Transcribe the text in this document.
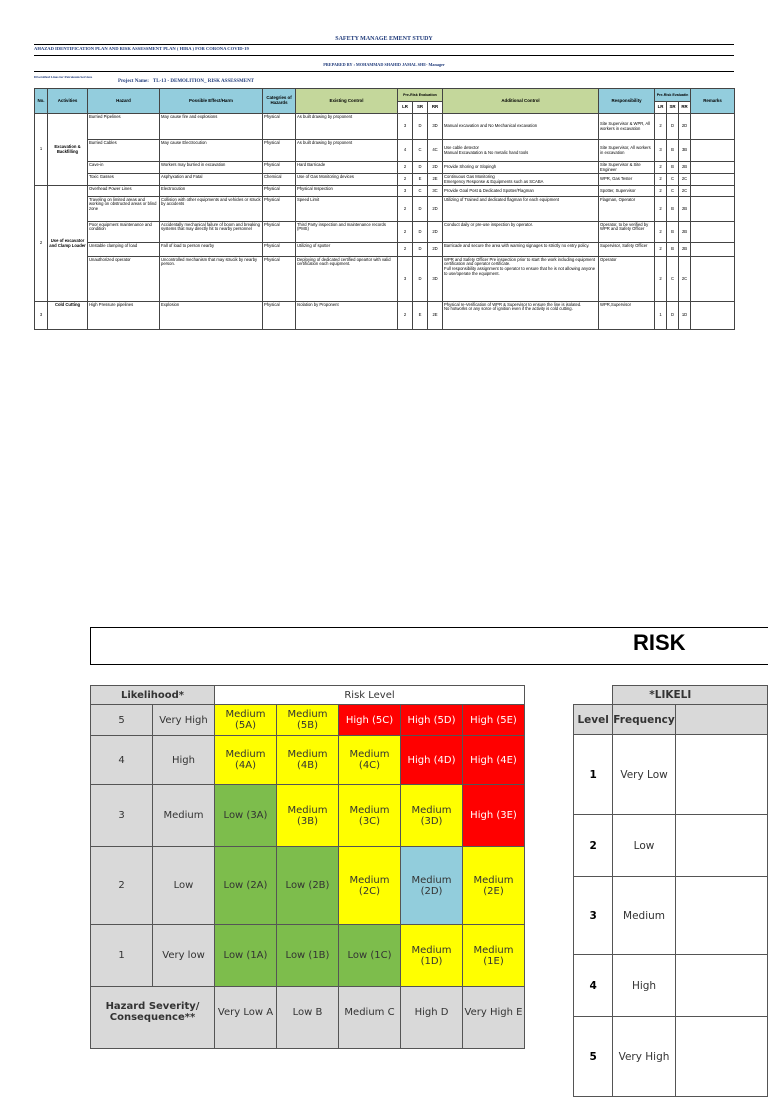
SAFETY MANAGE EMENT STUDY
AHAZAD IDENTIFICATION PLAN AND RISK ASSESSMENT PLAN ( HIRA ) FOR CORONA COVID-19
PREPARED BY : MOHAMMAD SHAHID JAMAL SHE- Manager
Diversified Lines for Petroleum Services
Project Name: TL-13 - DEMOLITION_ RISK ASSESSMENT
No.	Activities	Hazard	Possible Effect/Harm	Categries of Hazards	Existing Control	Pre-Risk Evaluation			Additional Control	Responsibility	Pre-Risk Evaluatin			Remarks
						LR	SR	RR			LR	SR	RR	
1	Excavation & Backfilling	Burried Pipelines	May cause fire and explosions	Physical	As built drawing by proponent	3	D	3D	Manual excavation and No Mechanical excavation	Site Supervisor & WPR, All workers in excavation	2	D	2D	
		Burried Cables	May cause Electrocution	Physical	As built drawing by proponent	4	C	4C	Use cable detector
Manual Excavatation & No metalic hand tools	Site Supervisor, All workers in excavation	3	B	3B	
		Cave-in	Workers may burried in excavation	Physical	Hard Barricade	2	D	2D	Provide Shoring or Slopingh	Site Supervisor & Site Engineer	2	B	2B	
		Toxic Gasses	Asphyxation and Fatal	Chemical	Use of Gas Monitoring devices	2	E	2E	Continuous Gas Monitoring
Emergency Response & Equipments such as SCABA	WPR, Gas Tester	2	C	2C	
2	Use of excavator and Clamp Loader	Overhead Power Lines	Electrocution	Physical	Physical Inspection	3	C	3C	Provide Goal Post & Dedicated Spotter/Flagman	Spotter, Supervisor	2	C	2C	
		Traveling on limited areas and working on obstructed areas or blind zone	Collision with other equipments and vehicles or struck by accidents	Physical	Speed Limit	2	D	2D	Utilizing of Trained and dedicated flagman for each equipment	Flagman, Operator	2	B	2B	
		Poor equipment maintenance and condition	Accidentally mechanical failure of boom and breaking systems that may directly hit to nearby personnel	Physical	Third Party inspection and maintenance records (PMS)	2	D	2D	Conduct daily or pre-use inspection by operator.	Operator, to be verified by WPR and Safety Officer	2	B	2B	
		Unstable clamping of load	Fall of load to person nearby	Physical	Utilizing of spotter	2	D	2D	Barricade and secure the area with warning signages to strictly no entry policy.	Supervisor, Safety Officer	2	B	2B	
		Unauthorized operator	Uncontrolled mechanism that may strucik by nearby person.	Physical	Deploying of dedicated certified opeartor with valid certification each equipment.	3	D	3D	WPR and Safety Officer Pre inspection prior to start the work including equipment certification and operator certificate.
Full responsibility assignment to operator to ensure that he is not allowing anyone to use/operate the equipment.	Operator	2	C	2C	
3	Cold Cutting	High Pressure pipelines	Explosion	Physical	Isolation by Proponent	2	E	2E	Physical re-Verification of WPR & Supervisor to ensure the line is isolated.
No hotworks or any sorce of ignition even if the activity is cold cutting.	WPR,Supervisor	1	D	1D	
RISK
Likelihood*		Risk Level				
5	Very High	Medium (5A)	Medium (5B)	High (5C)	High (5D)	High (5E)
4	High	Medium (4A)	Medium (4B)	Medium (4C)	High (4D)	High (4E)
3	Medium	Low (3A)	Medium (3B)	Medium (3C)	Medium (3D)	High (3E)
2	Low	Low (2A)	Low (2B)	Medium (2C)	Medium (2D)	Medium (2E)
1	Very low	Low (1A)	Low (1B)	Low (1C)	Medium (1D)	Medium (1E)
Hazard Severity/ Consequence**		Very Low A	Low B	Medium C	High D	Very High E
	*LIKELI	
Level	Frequency	
1	Very Low	
2	Low	
3	Medium	
4	High	
5	Very High	
